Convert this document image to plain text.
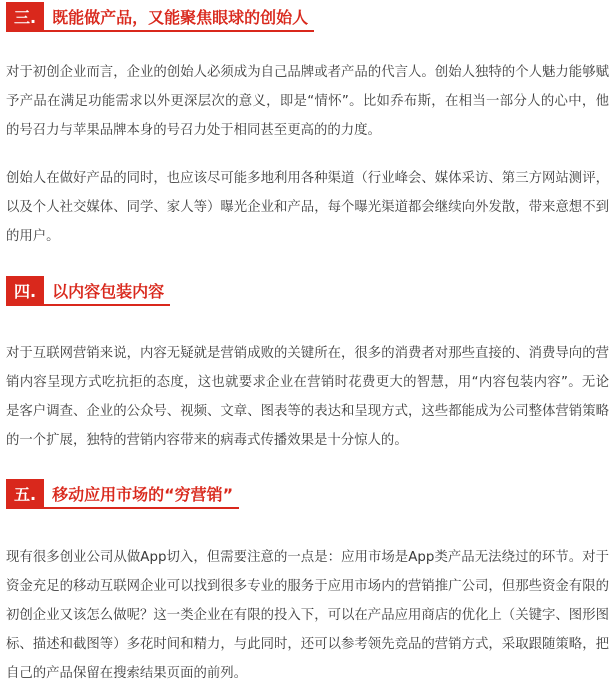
三.	既能做产品，又能聚焦眼球的创始人

对于初创企业而言，企业的创始人必须成为自己品牌或者产品的代言人。创始人独特的个人魅力能够赋予产品在满足功能需求以外更深层次的意义，即是“情怀”。比如乔布斯，在相当一部分人的心中，他的号召力与苹果品牌本身的号召力处于相同甚至更高的的力度。

创始人在做好产品的同时，也应该尽可能多地利用各种渠道（行业峰会、媒体采访、第三方网站测评，以及个人社交媒体、同学、家人等）曝光企业和产品，每个曝光渠道都会继续向外发散，带来意想不到的用户。

四.	以内容包装内容

对于互联网营销来说，内容无疑就是营销成败的关键所在，很多的消费者对那些直接的、消费导向的营销内容呈现方式吃抗拒的态度，这也就要求企业在营销时花费更大的智慧，用“内容包装内容”。无论是客户调查、企业的公众号、视频、文章、图表等的表达和呈现方式，这些都能成为公司整体营销策略的一个扩展，独特的营销内容带来的病毒式传播效果是十分惊人的。

五.	移动应用市场的“穷营销”

现有很多创业公司从做App切入，但需要注意的一点是：应用市场是App类产品无法绕过的环节。对于资金充足的移动互联网企业可以找到很多专业的服务于应用市场内的营销推广公司，但那些资金有限的初创企业又该怎么做呢？这一类企业在有限的投入下，可以在产品应用商店的优化上（关键字、图形图标、描述和截图等）多花时间和精力，与此同时，还可以参考领先竞品的营销方式，采取跟随策略，把自己的产品保留在搜索结果页面的前列。
